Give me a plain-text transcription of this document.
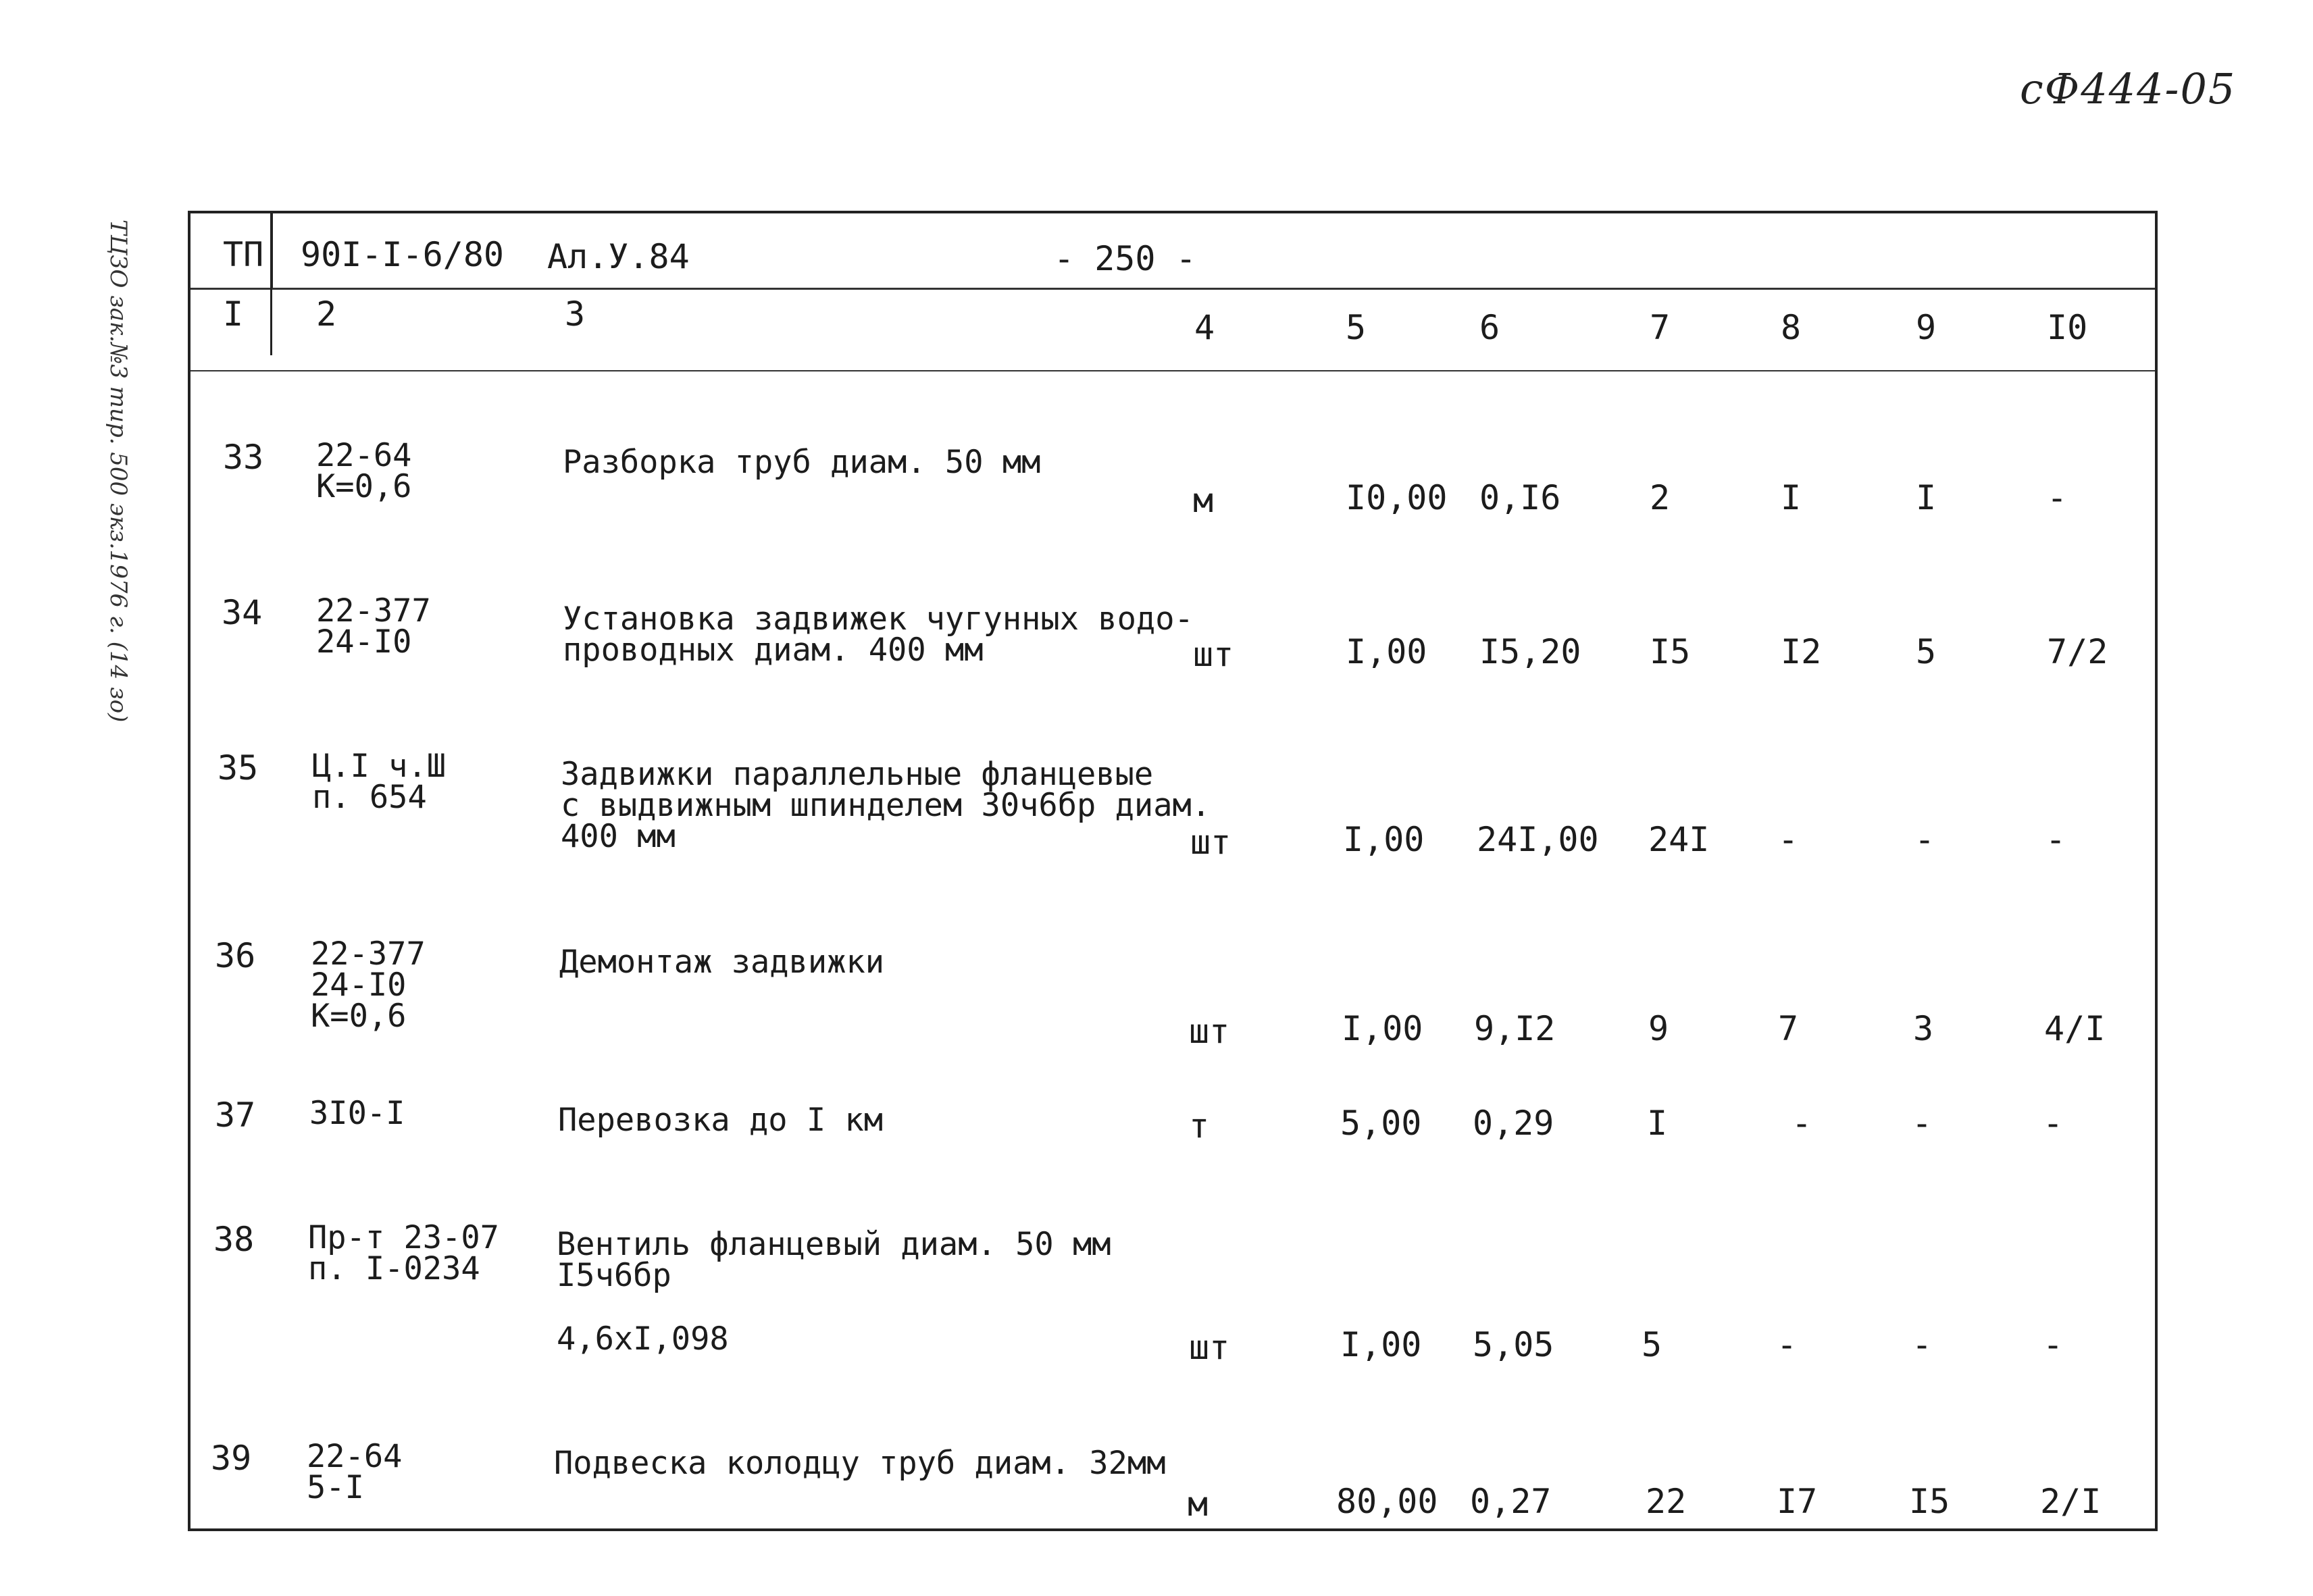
сФ444-05
ТЦЗО зак.№3 тир. 500 экз.1976 г. (14 зо)	ТП 90I-I-6/80 Ал.У.84	- 250 -
I 2	3	4	5	6	7	8	9	I0
33 22-64
К=0,6
Разборка труб диам. 50 мм
м	I0,00 0,I6	2	I	I	-
34 22-377
24-I0
Установка задвижек чугунных водо-
проводных диам. 400 мм	шт	I,00 I5,20 I5	I2	5	7/2
35 Ц.I ч.Ш
п. 654
Задвижки параллельные фланцевые
с выдвижным шпинделем 30ч6бр диам.
400 мм	шт	I,00 24I,00 24I -	-	-
36 22-377
24-I0
К=0,6
Демонтаж задвижки
шт	I,00 9,I2	9	7	3	4/I
37 3I0-I	Перевозка до I км	т	5,00 0,29	I	-	-	-
38 Пр-т 23-07
п. I-0234
Вентиль фланцевый диам. 50 мм
I5ч6бр
4,6хI,098	шт	I,00 5,05	5	-	-	-
39 22-64
5-I
Подвеска колодцу труб диам. 32мм
м	80,00 0,27	22	I7	I5	2/I
